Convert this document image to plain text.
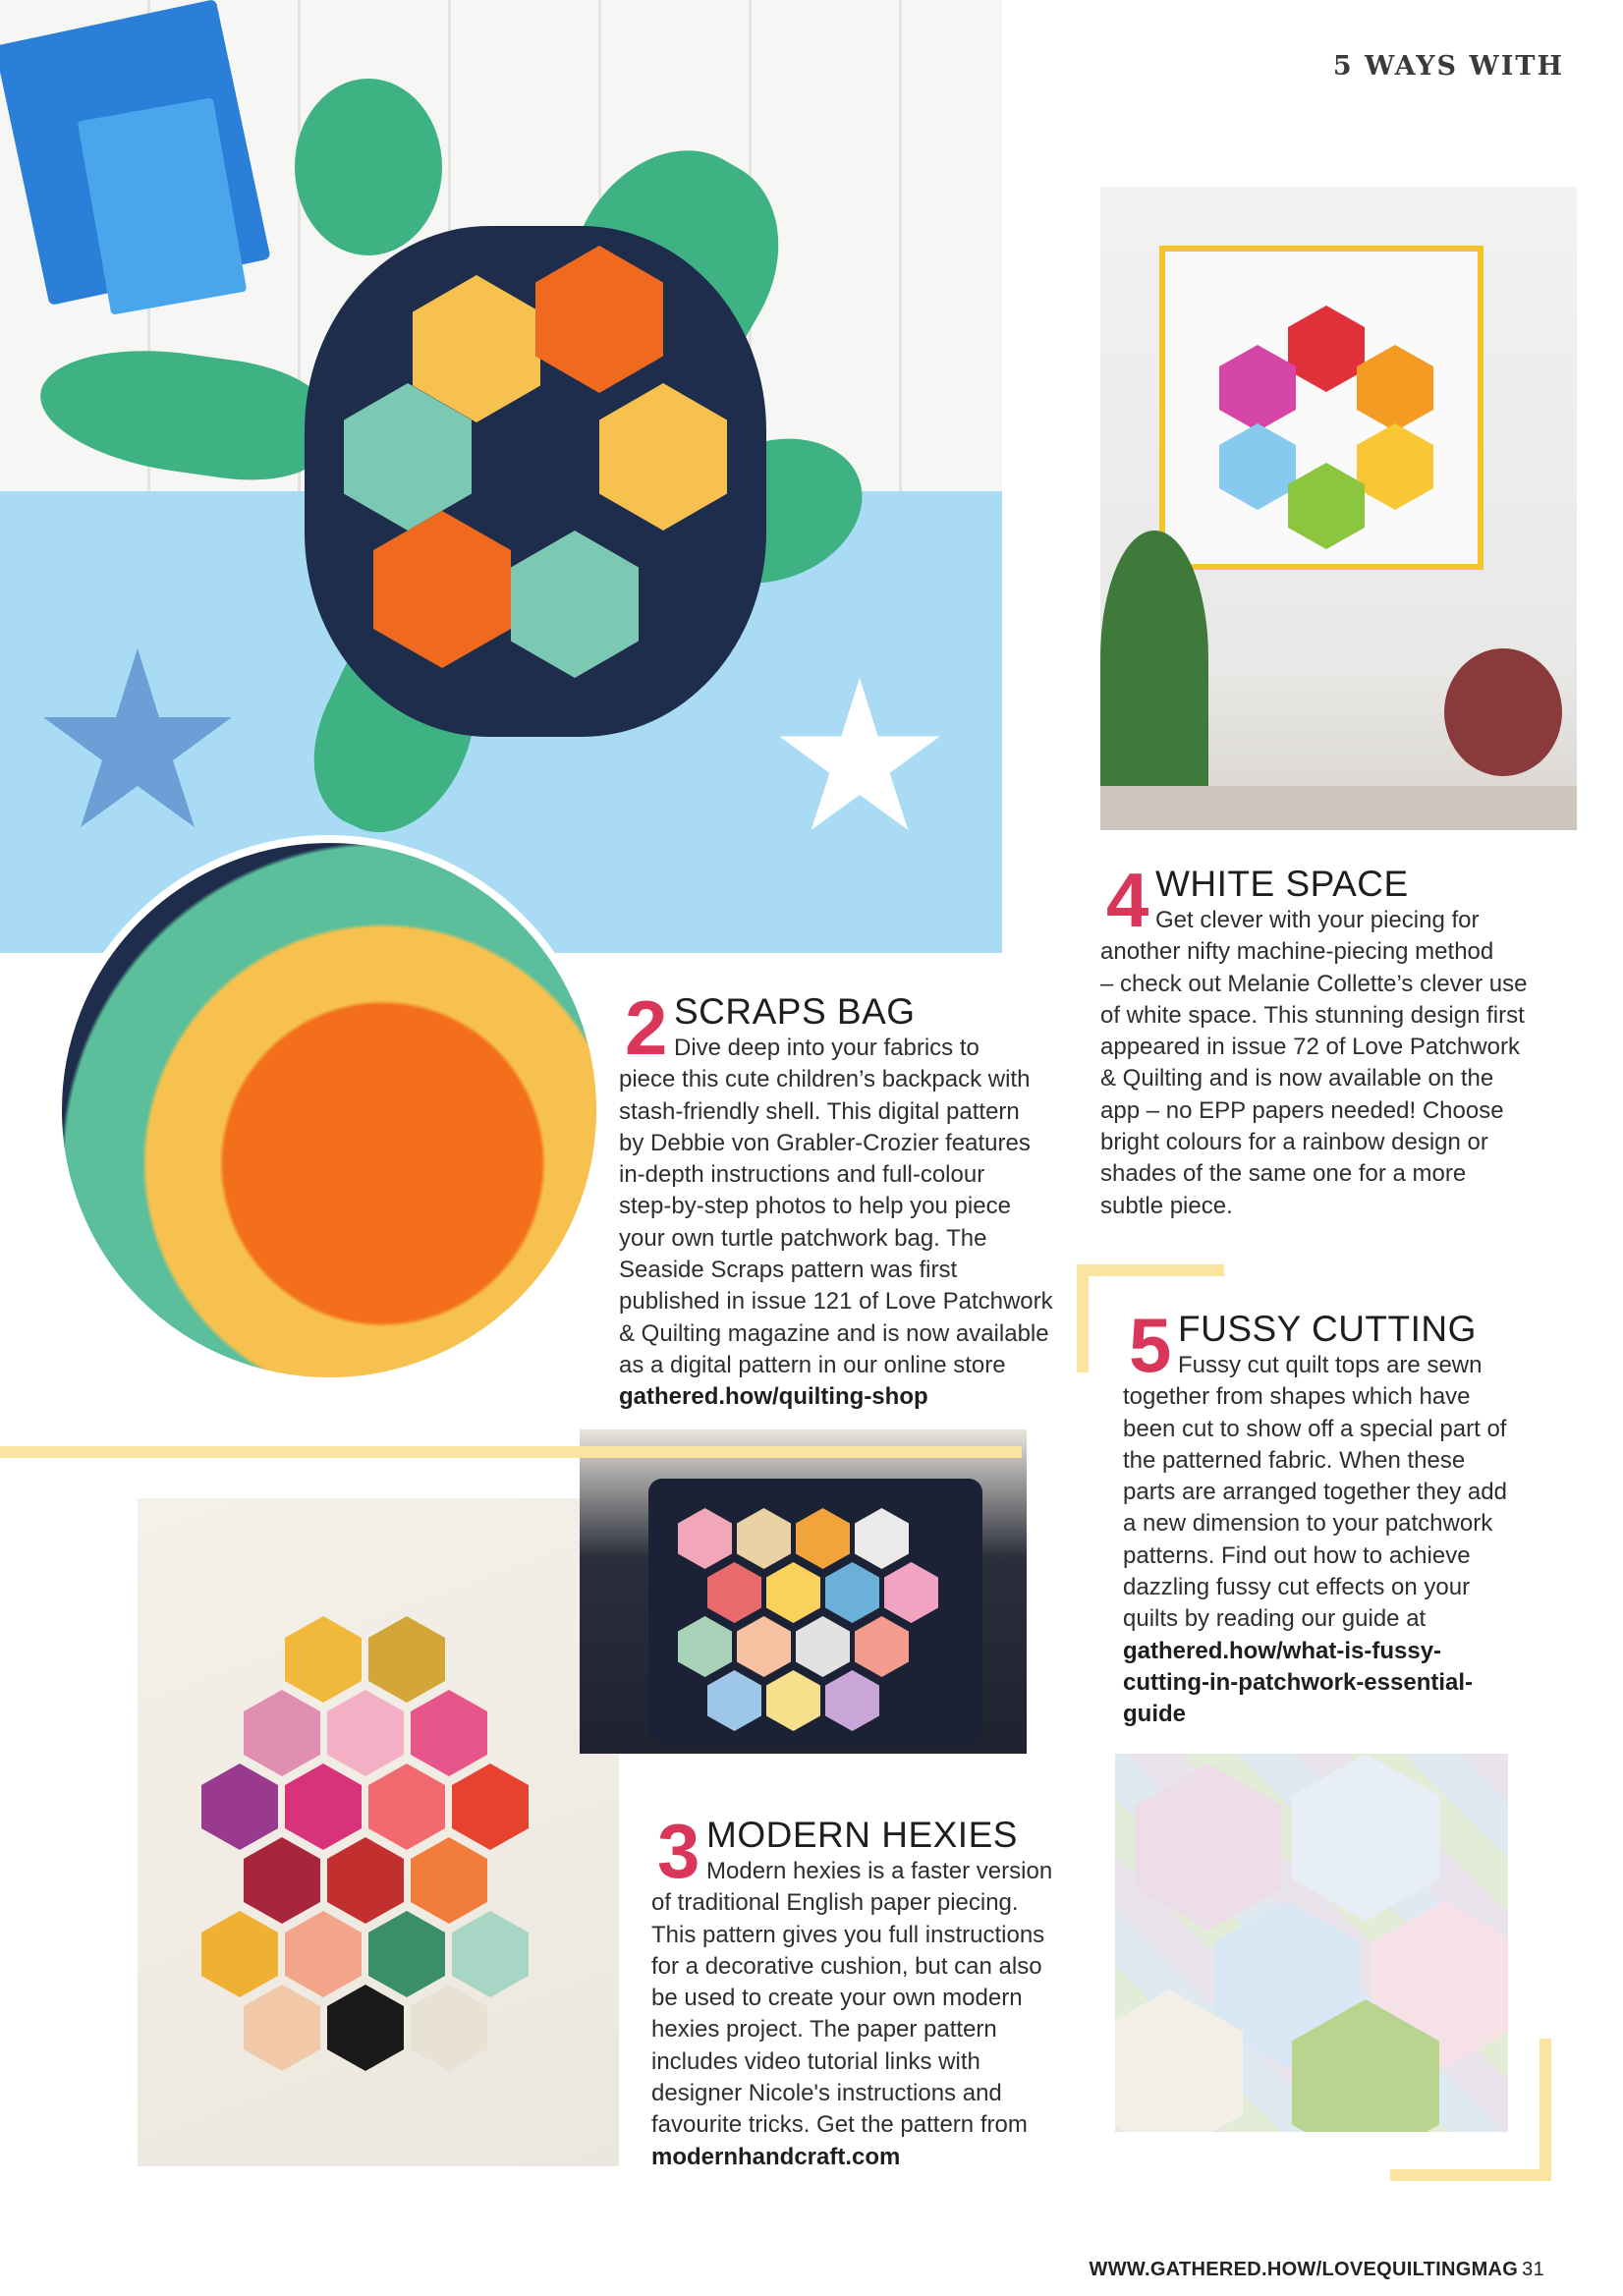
5 WAYS WITH
2 SCRAPS BAG

Dive deep into your fabrics to
piece this cute children’s backpack with
stash-friendly shell. This digital pattern
by Debbie von Grabler-Crozier features
in-depth instructions and full-colour
step-by-step photos to help you piece
your own turtle patchwork bag. The
Seaside Scraps pattern was first
published in issue 121 of Love Patchwork
& Quilting magazine and is now available
as a digital pattern in our online store
gathered.how/quilting-shop

3 MODERN HEXIES

Modern hexies is a faster version
of traditional English paper piecing.
This pattern gives you full instructions
for a decorative cushion, but can also
be used to create your own modern
hexies project. The paper pattern
includes video tutorial links with
designer Nicole's instructions and
favourite tricks. Get the pattern from
modernhandcraft.com

4 WHITE SPACE

Get clever with your piecing for
another nifty machine-piecing method
– check out Melanie Collette’s clever use
of white space. This stunning design first
appeared in issue 72 of Love Patchwork
& Quilting and is now available on the
app – no EPP papers needed! Choose
bright colours for a rainbow design or
shades of the same one for a more
subtle piece.

5 FUSSY CUTTING

Fussy cut quilt tops are sewn
together from shapes which have
been cut to show off a special part of
the patterned fabric. When these
parts are arranged together they add
a new dimension to your patchwork
patterns. Find out how to achieve
dazzling fussy cut effects on your
quilts by reading our guide at
gathered.how/what-is-fussy-
cutting-in-patchwork-essential-
guide

WWW.GATHERED.HOW/LOVEQUILTINGMAG 31
